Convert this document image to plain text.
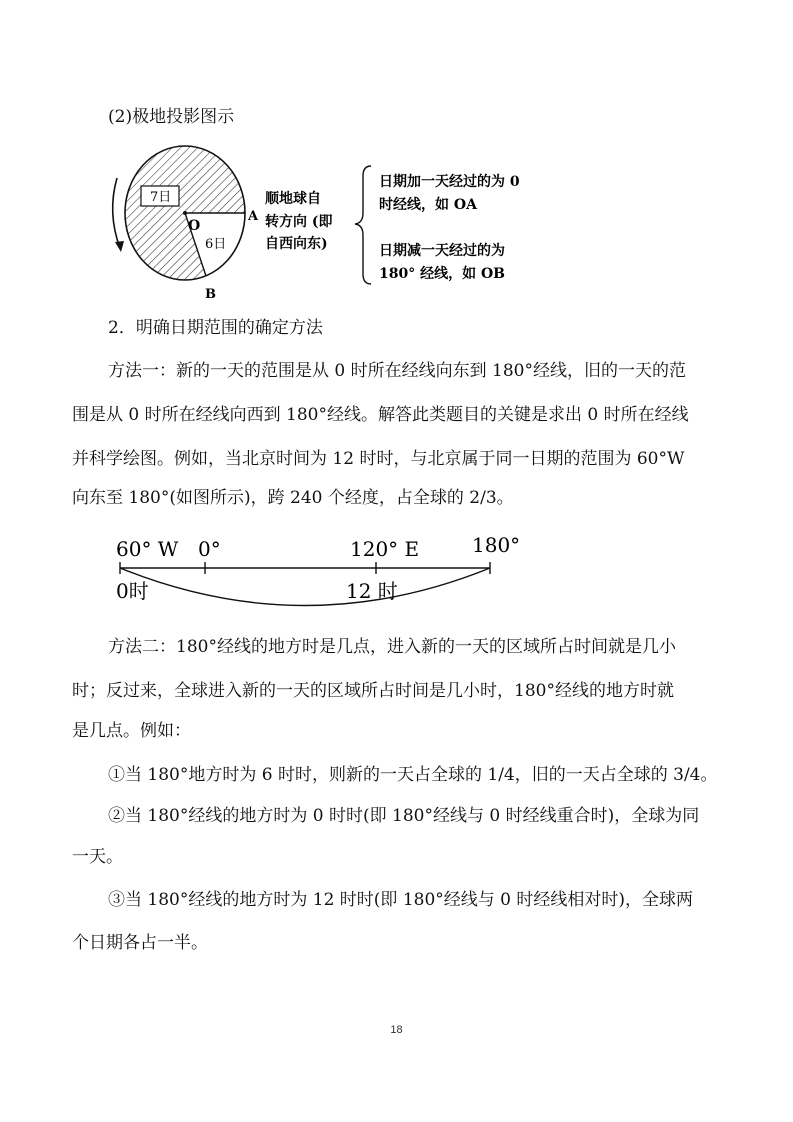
(2)极地投影图示
7日
6日
O
A
B
顺地球自
转方向 (即
自西向东)
日期加一天经过的为 0
时经线，如 OA
日期减一天经过的为
180° 经线，如 OB
2．明确日期范围的确定方法
方法一：新的一天的范围是从 0 时所在经线向东到 180°经线，旧的一天的范
围是从 0 时所在经线向西到 180°经线。解答此类题目的关键是求出 0 时所在经线
并科学绘图。例如，当北京时间为 12 时时，与北京属于同一日期的范围为 60°W
向东至 180°(如图所示)，跨 240 个经度，占全球的 2/3。
60° W 0°	120° E	180°
0时	12 时
方法二：180°经线的地方时是几点，进入新的一天的区域所占时间就是几小
时；反过来，全球进入新的一天的区域所占时间是几小时，180°经线的地方时就
是几点。例如：
①当 180°地方时为 6 时时，则新的一天占全球的 1/4，旧的一天占全球的 3/4。
②当 180°经线的地方时为 0 时时(即 180°经线与 0 时经线重合时)，全球为同
一天。
③当 180°经线的地方时为 12 时时(即 180°经线与 0 时经线相对时)，全球两
个日期各占一半。
18
